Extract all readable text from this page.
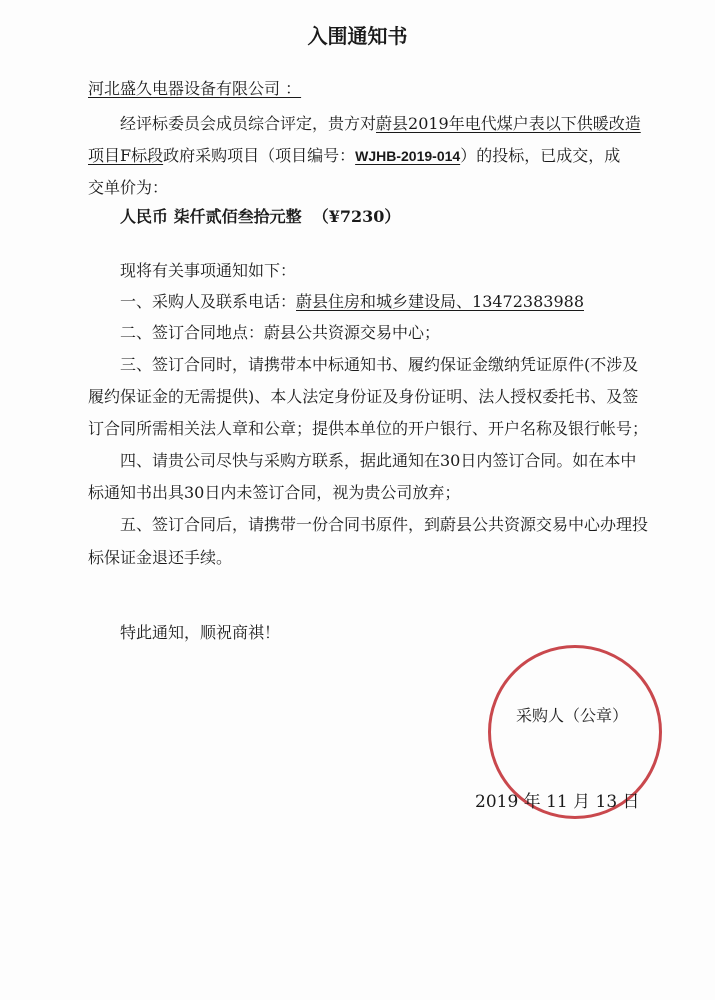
入围通知书
河北盛久电器设备有限公司 ：
经评标委员会成员综合评定，贵方对蔚县2019年电代煤户表以下供暖改造
项目F标段政府采购项目（项目编号：WJHB-2019-014）的投标，已成交，成
交单价为：
人民币 柒仟贰佰叁拾元整 （¥7230）
现将有关事项通知如下：
一、采购人及联系电话：蔚县住房和城乡建设局、13472383988
二、签订合同地点：蔚县公共资源交易中心；
三、签订合同时，请携带本中标通知书、履约保证金缴纳凭证原件(不涉及
履约保证金的无需提供)、本人法定身份证及身份证明、法人授权委托书、及签
订合同所需相关法人章和公章；提供本单位的开户银行、开户名称及银行帐号；
四、请贵公司尽快与采购方联系，据此通知在30日内签订合同。如在本中
标通知书出具30日内未签订合同，视为贵公司放弃；
五、签订合同后，请携带一份合同书原件，到蔚县公共资源交易中心办理投
标保证金退还手续。
特此通知，顺祝商祺！
采购人（公章）
2019 年 11 月 13 日
